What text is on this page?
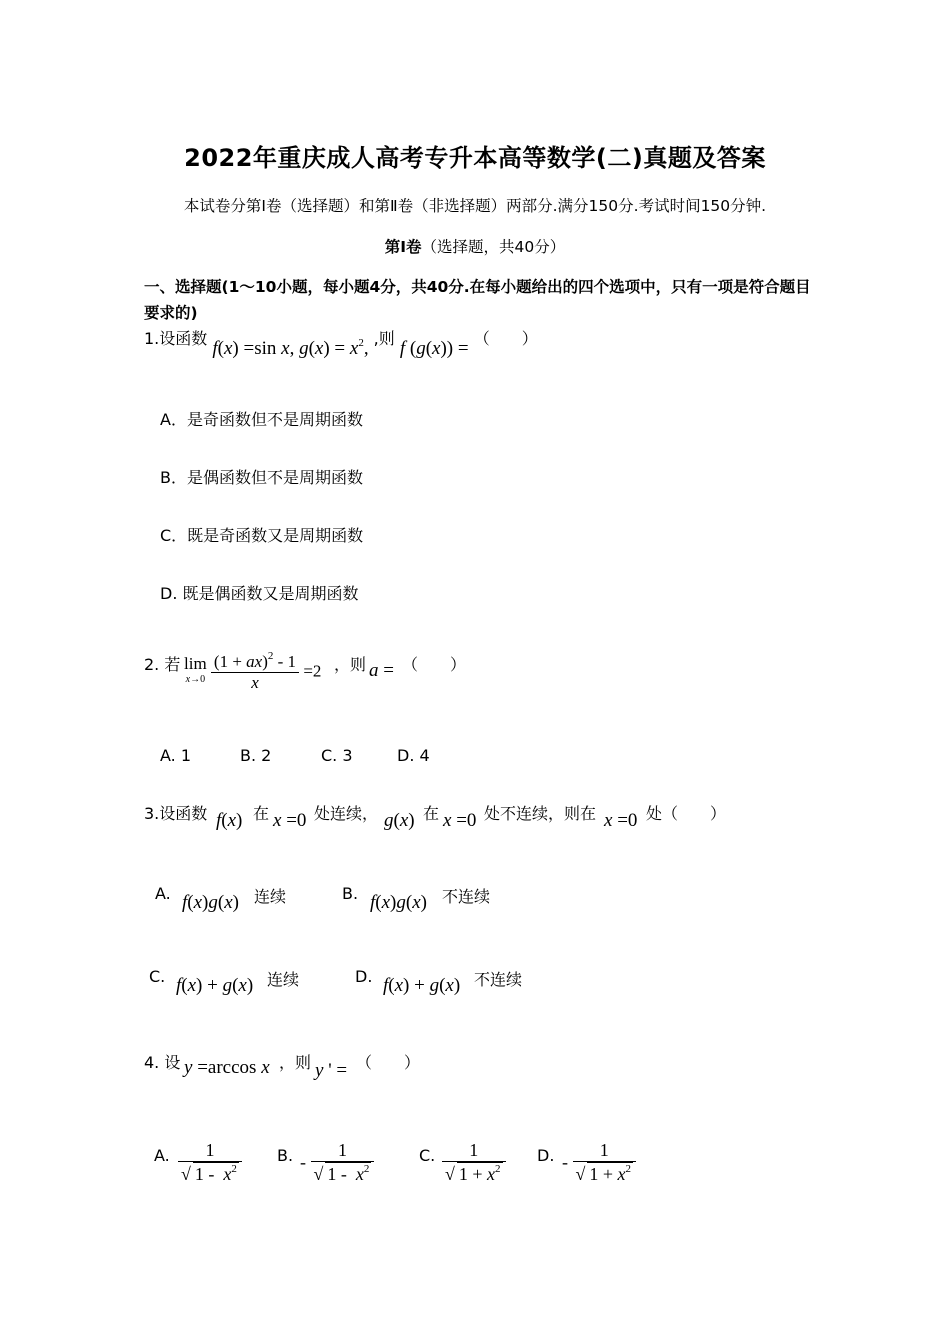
2022年重庆成人高考专升本高等数学(二)真题及答案
本试卷分第Ⅰ卷（选择题）和第Ⅱ卷（非选择题）两部分.满分150分.考试时间150分钟.
第Ⅰ卷（选择题，共40分）
一、选择题(1～10小题，每小题4分，共40分.在每小题给出的四个选项中，只有一项是符合题目要求的)
1.设函数 f(x) =sin x, $g(x) = x^2$, ,则 f (g(x)) = （　　）
A．是奇函数但不是周期函数
B．是偶函数但不是周期函数
C．既是奇函数又是周期函数
D. 既是偶函数又是周期函数
2. 若 lim
x→0
$\frac{(1 + ax)^2 - 1}{x} =2$ ，则 a = （　　）
A. 1	B. 2	C. 3	D. 4
3.设函数 f(x) 在 x =0 处连续， g(x) 在 x =0 处不连续，则在 x =0 处（　　）
A. f(x)g(x) 连续	B. f(x)g(x) 不连续
C. f(x) + g(x) 连续	D. f(x) + g(x) 不连续
4. 设 y =arccos x ，则 y ' = （　　）
A. $\frac{1}{√ 1 - x^2} B$. - $\frac{1}{√ 1 - x^2}$	C. $\frac{1}{√ 1 + x^2} D$. - $\frac{1}{√ 1 + x^2}$
